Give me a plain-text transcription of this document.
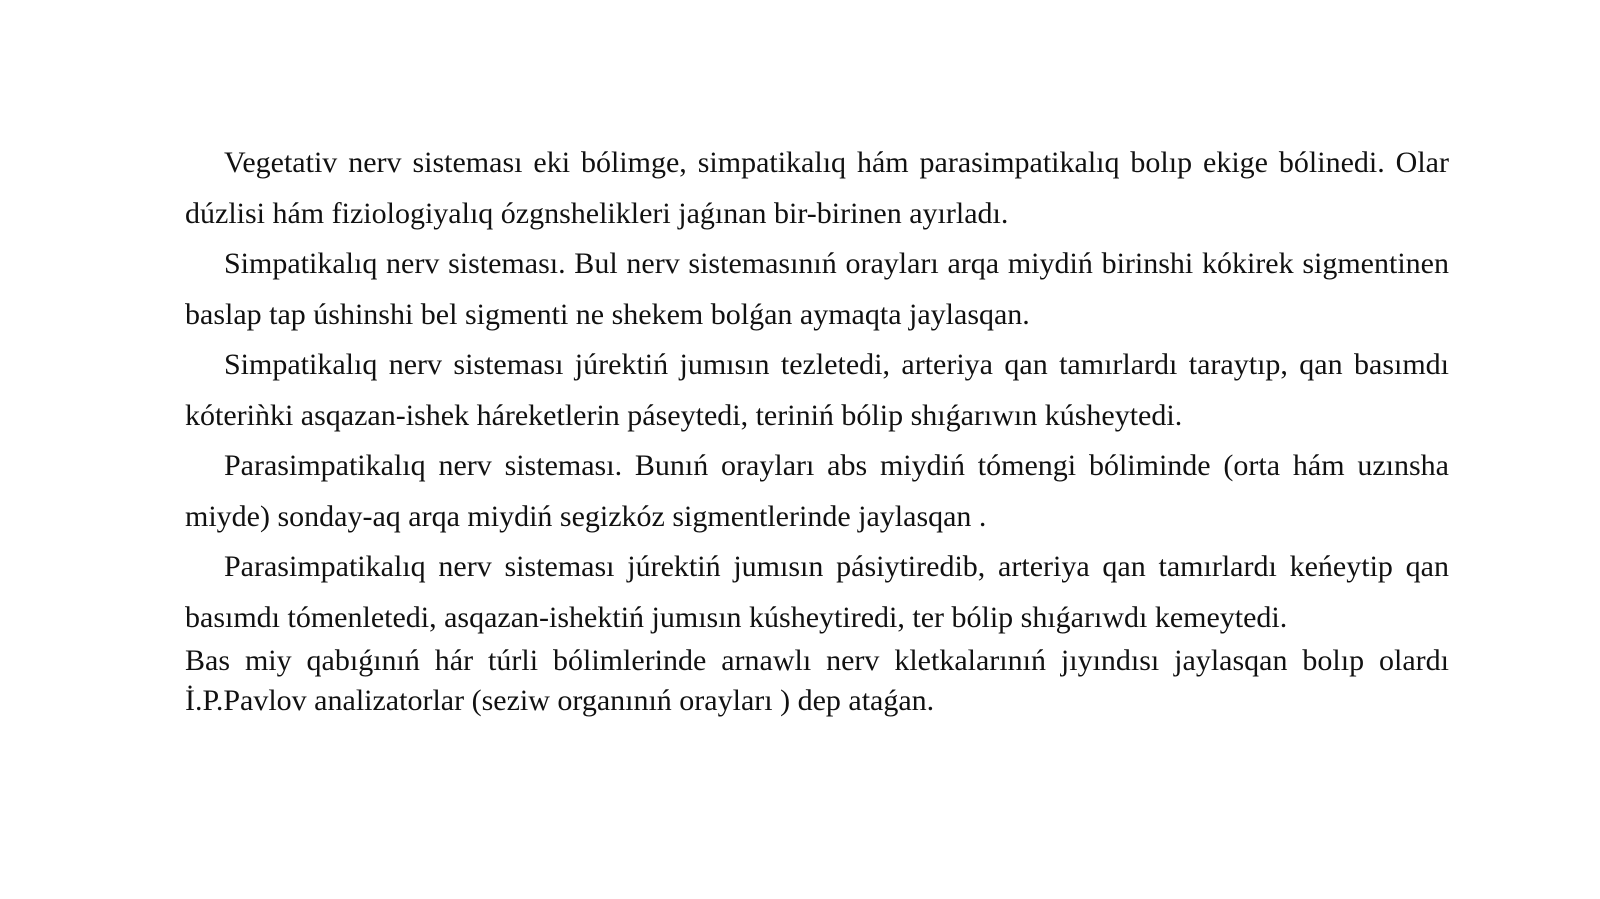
Vegetativ nerv sisteması eki bólimge, simpatikalıq hám parasimpatikalıq bolıp ekige bólinedi. Olar dúzlisi hám fiziologiyalıq ózgnshelikleri jaǵınan bir-birinen ayırladı.

Simpatikalıq nerv sisteması. Bul nerv sistemasınıń orayları arqa miydiń birinshi kókirek sigmentinen baslap tap úshinshi bel sigmenti ne shekem bolǵan aymaqta jaylasqan.

Simpatikalıq nerv sisteması júrektiń jumısın tezletedi, arteriya qan tamırlardı taraytıp, qan basımdı kóteriǹki asqazan-ishek háreketlerin páseytedi, teriniń bólip shıǵarıwın kúsheytedi.

Parasimpatikalıq nerv sisteması. Bunıń orayları abs miydiń tómengi bóliminde (orta hám uzınsha miyde) sonday-aq arqa miydiń segizkóz sigmentlerinde jaylasqan .

Parasimpatikalıq nerv sisteması júrektiń jumısın pásiytiredib, arteriya qan tamırlardı keńeytip qan basımdı tómenletedi, asqazan-ishektiń jumısın kúsheytiredi, ter bólip shıǵarıwdı kemeytedi.

Bas miy qabıǵınıń hár túrli bólimlerinde arnawlı nerv kletkalarınıń jıyındısı jaylasqan bolıp olardı İ.P.Pavlov analizatorlar (seziw organınıń orayları ) dep ataǵan.
